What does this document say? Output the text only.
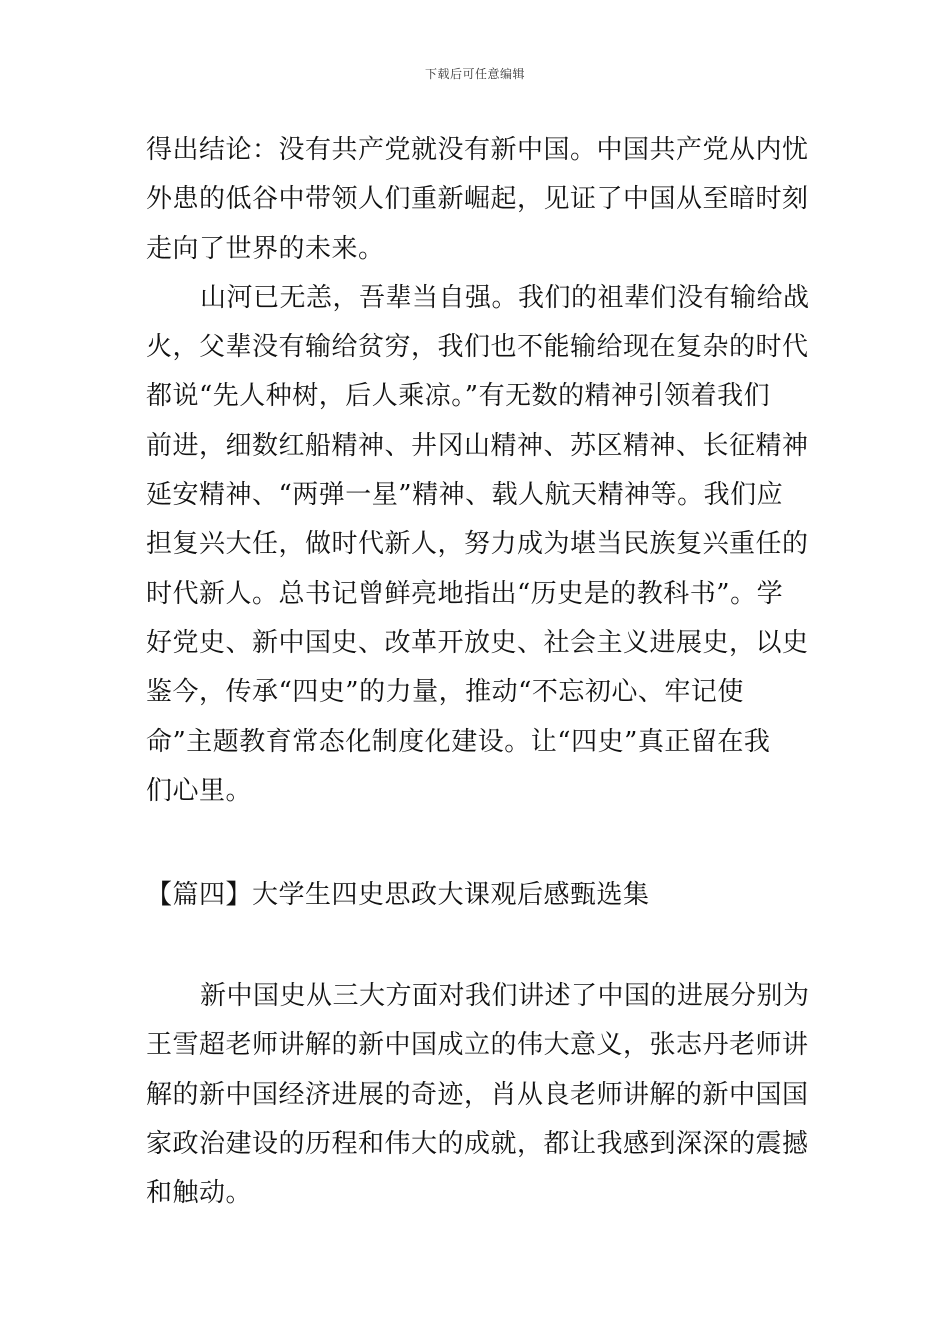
下载后可任意编辑
得出结论：没有共产党就没有新中国。中国共产党从内忧
外患的低谷中带领人们重新崛起，见证了中国从至暗时刻
走向了世界的未来。
山河已无恙，吾辈当自强。我们的祖辈们没有输给战
火，父辈没有输给贫穷，我们也不能输给现在复杂的时代
都说“先人种树，后人乘凉。”有无数的精神引领着我们
前进，细数红船精神、井冈山精神、苏区精神、长征精神
延安精神、“两弹一星”精神、载人航天精神等。我们应
担复兴大任，做时代新人，努力成为堪当民族复兴重任的
时代新人。总书记曾鲜亮地指出“历史是的教科书”。学
好党史、新中国史、改革开放史、社会主义进展史，以史
鉴今，传承“四史”的力量，推动“不忘初心、牢记使
命”主题教育常态化制度化建设。让“四史”真正留在我
们心里。
【篇四】大学生四史思政大课观后感甄选集
新中国史从三大方面对我们讲述了中国的进展分别为
王雪超老师讲解的新中国成立的伟大意义，张志丹老师讲
解的新中国经济进展的奇迹，肖从良老师讲解的新中国国
家政治建设的历程和伟大的成就，都让我感到深深的震撼
和触动。
